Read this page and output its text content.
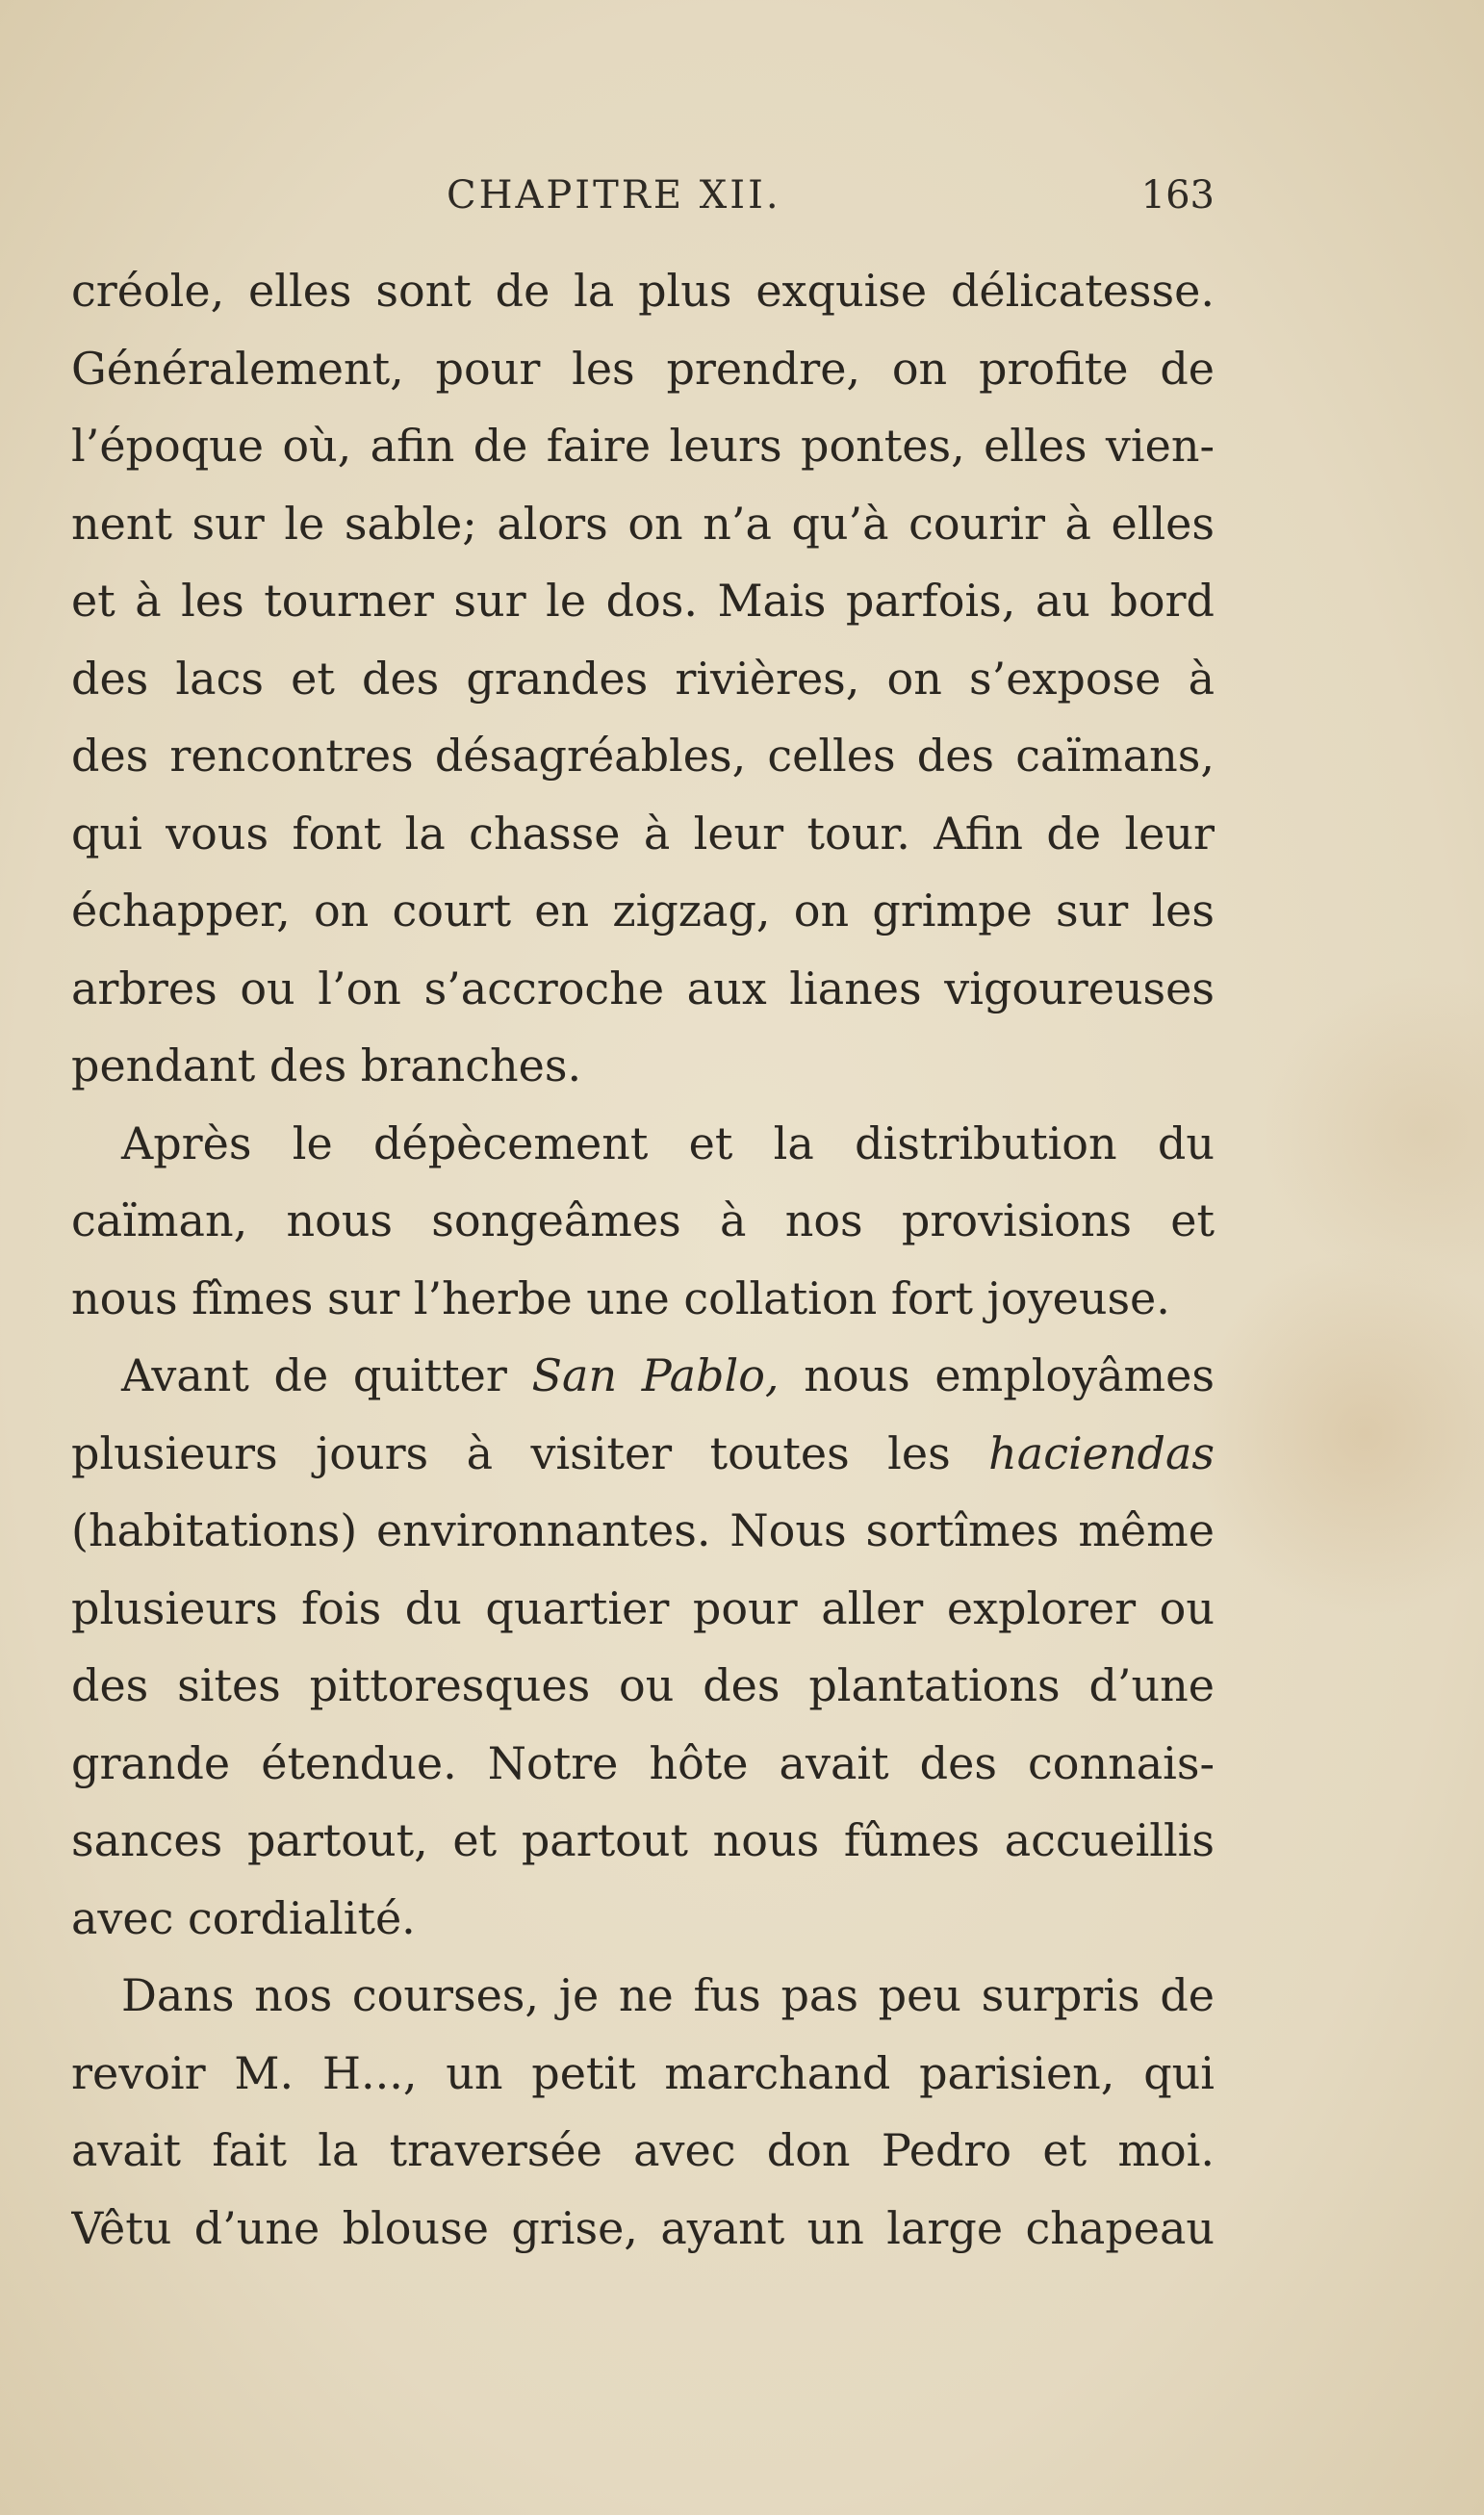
CHAPITRE XII.	163
créole, elles sont de la plus exquise délicatesse.
Généralement, pour les prendre, on profite de
l’époque où, afin de faire leurs pontes, elles vien-
nent sur le sable; alors on n’a qu’à courir à elles
et à les tourner sur le dos. Mais parfois, au bord
des lacs et des grandes rivières, on s’expose à
des rencontres désagréables, celles des caïmans,
qui vous font la chasse à leur tour. Afin de leur
échapper, on court en zigzag, on grimpe sur les
arbres ou l’on s’accroche aux lianes vigoureuses
pendant des branches.
Après le dépècement et la distribution du
caïman, nous songeâmes à nos provisions et
nous fîmes sur l’herbe une collation fort joyeuse.
Avant de quitter San Pablo, nous employâmes
plusieurs jours à visiter toutes les haciendas
(habitations) environnantes. Nous sortîmes même
plusieurs fois du quartier pour aller explorer ou
des sites pittoresques ou des plantations d’une
grande étendue. Notre hôte avait des connais-
sances partout, et partout nous fûmes accueillis
avec cordialité.
Dans nos courses, je ne fus pas peu surpris de
revoir M. H..., un petit marchand parisien, qui
avait fait la traversée avec don Pedro et moi.
Vêtu d’une blouse grise, ayant un large chapeau
